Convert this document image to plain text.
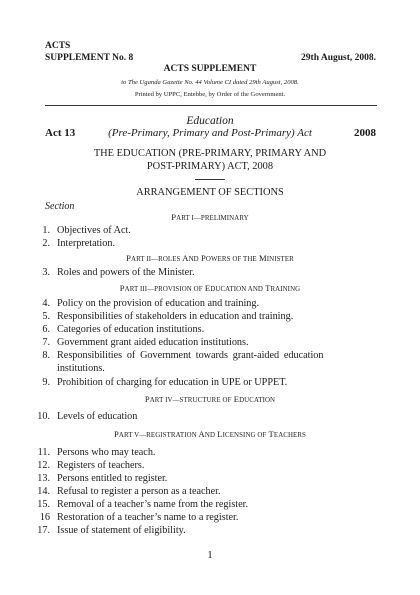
ACTS
SUPPLEMENT No. 8	29th August, 2008.
ACTS SUPPLEMENT
to The Uganda Gazette No. 44 Volume CI dated 29th August, 2008.
Printed by UPPC, Entebbe, by Order of the Government.
Education
Act 13	(Pre-Primary, Primary and Post-Primary) Act	2008
THE EDUCATION (PRE-PRIMARY, PRIMARY AND
POST-PRIMARY) ACT, 2008
ARRANGEMENT OF SECTIONS
Section
PART I—PRELIMINARY
1. Objectives of Act.
2. Interpretation.
PART II—ROLES AND POWERS OF THE MINISTER
3. Roles and powers of the Minister.
PART III—PROVISION OF EDUCATION AND TRAINING
4. Policy on the provision of education and training.
5. Responsibilities of stakeholders in education and training.
6. Categories of education institutions.
7. Government grant aided education institutions.
8. Responsibilities of Government towards grant-aided education
institutions.
9. Prohibition of charging for education in UPE or UPPET.
PART IV—STRUCTURE OF EDUCATION
10. Levels of education
PART V—REGISTRATION AND LICENSING OF TEACHERS
11. Persons who may teach.
12. Registers of teachers.
13. Persons entitled to register.
14. Refusal to register a person as a teacher.
15. Removal of a teacher’s name from the register.
16 Restoration of a teacher’s name to a register.
17. Issue of statement of eligibility.
1
